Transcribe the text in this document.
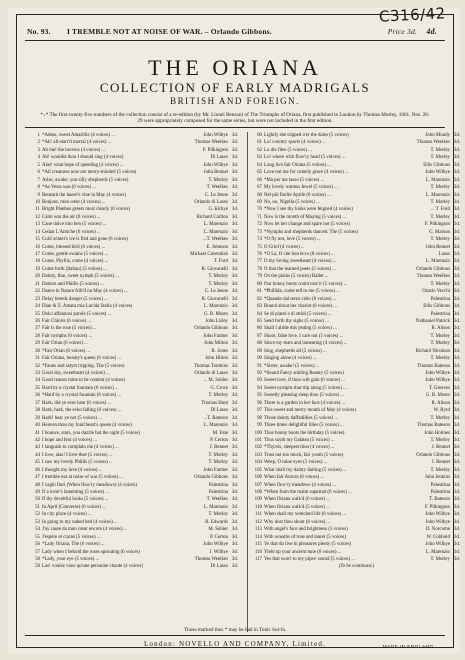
C316/42
No. 93. I TREMBLE NOT AT NOISE OF WAR. – Orlando Gibbons.	Price 3d. 4d.
THE ORIANA
COLLECTION OF EARLY MADRIGALS
BRITISH AND FOREIGN.
*₊* The first twenty-five numbers of the collection consist of a re-edition (by Mr. Lionel Benson) of The Triumphs of Oriana, first published in London by Thomas Morley, 1601. Nos. 26-29 were appropriately composed for the same series, but were not included in the first edition.
1 *Adieu, sweet Amarillis (4 voices) ...	John Wilbye 3d.
2 *Ah! all-starr'd mortal (4 voices) ...	Thomas Weelkes 3d.
3 Ah me! the browns (4 voices) ...	F. Pilkington 3d.
4 Ah! wouldst thou I should sing (4 voices)	Di Lasso 3d.
5 Alas! what hope of speeding (4 voices) ...	John Wilbye 3d.
6 *All creatures now are merry-minded (5 voices)	John Bennet 3d.
7 Arise, awake, you silly shepherds (5 voices)	T. Morley 3d.
8 *As Vesta was (6 voices) ...	T. Weelkes 3d.
9 Beneath the laurel's vine in May (4 voices)	C. Le Jeune 3d.
10 Bonjour, mon cœur (4 voices) ...	Orlando di Lasso 3d.
11 Bright Phœbus greets most clearly (6 voices)	G. Kirbye 3d.
12 Calm was the air (6 voices) ...	Richard Carlton 3d.
13 Cane dolce mio ben (5 voices) ...	L. Marenzio 3d.
14 Cedan L'Antiche (6 voices) ...	L. Marenzio 3d.
15 Cold winter's ice is fled and gone (6 voices)	...T. Weelkes 3d.
16 Come, blessed bird (6 voices) ...	E. Johnson 3d.
17 Come, gentle swains (5 voices) ...	Michael Cavendish 3d.
18 Come, Phyllis, come (4 voices) ...	T. Ford 3d.
19 Come forth (Italian) (5 voices) ...	R. Giovanelli 3d.
20 Dainty, fine, sweet nymph (5 voices) ...	T. Morley 3d.
21 Damon and Phillis (5 voices) ...	T. Morley 3d.
22 Dance in Nature frill'd on May (4 voices) ...	C. Le Jeune 3d.
23 Delay breeds danger (5 voices) ...	R. Giovanelli 3d.
24 Dian & Z. Amata mia Lucida Stella (4 voices)	L. Marenzio 3d.
25 Dolci affannosi parole (5 voices) ...	G. B. Mosto 3d.
26 Fair Chloris (6 voices) ...	John Lisley 3d.
27 Fair is the rose (5 voices) ...	Orlando Gibbons 3d.
28 Fair nymphs (6 voices) ...	John Farmer 3d.
29 Fair Orian (6 voices) ...	John Milton 3d.
30 *Fair Orian (6 voices) ...	R. Jones 3d.
31 Fair Oriana, beauty's queen (6 voices) ...	John Hilton 3d.
32 *Fauns and satyrs tripping. The (5 voices)	Thomas Tomkins 3d.
33 Good day, sweetheart (4 voices) ...	Orlando di Lasso 3d.
34 Good reason mine to be content (4 voices)	... M. Sobler 3d.
35 Hard by a crystal fountain (6 voices) ...	G. Croce 3d.
36 *Hard by a crystal fountain (6 voices) ...	T. Morley 3d.
37 Hark, did ye ever hear (6 voices) ...	Thomas Hunt 3d.
38 Hark, hark, the echo falling (6 voices) ...	Di Lasso 3d.
39 Hark! hear ye not (5 voices) ...	...T. Bateson 3d.
40 Heaven thou my fond heart's queen (4 voices)	L. Marenzio 3d.
41 I bounce, stars, you dazzle but the sight (5 voices)	M. Este 3d.
42 I hope and fear (4 voices) ...	P. Certon 3d.
43 I languish to complain me (4 voices) ...	J. Bennet 3d.
44 I love, alas! I love thee (5 voices) ...	T. Morley 3d.
45 I saw my lovely Phillis (5 voices) ...	T. Morley 3d.
46 I thought my love (4 voices) ...	John Farmer 3d.
47 I tremble not at noise of war (5 voices) ...	Orlando Gibbons 3d.
48 I vaghi fiori (When flow'ry meadows) (4 voices)	Palestrina 3d.
49 If a lover's lamenting (5 voices) ...	Palestrina 3d.
50 If thy deceitful looks (5 voices) ...	T. Weelkes 3d.
51 In April (Converse) (6 voices) ...	L. Marenzio 3d.
52 In city place (4 voices) ...	T. Morley 3d.
53 In going to my naked bed (4 voices) ...	R. Edwards 3d.
54 J'ay caute da mon cœur encore (4 voices) ...	M. Sohier 3d.
55 J'espère et crains (5 voices) ...	P. Certon 3d.
56 *Lady Oriana, The (6 voices) ...	John Wilbye 3d.
57 Lady when I behold the roses sprouting (6 voices)	J. Wilbye 3d.
58 *Lady, your eye (5 voices) ...	Thomas Weelkes 3d.
59 Las! voulez vous qu'une personne chante (4 voices)	Di Lasso 3d.
60 Lightly she tripped o'er the dales (5 voices)	John Mundy 3d.
61 Lo! country sports (4 voices) ...	Thomas Weelkes 3d.
62 Lo die flies (5 voices) ...	T. Morley 3d.
63 Lo! where with flow'ry head (5 voices) ...	T. Morley 3d.
64 Long live fair Oriana (5 voices) ...	Ellis Gibbons 3d.
65 Love not me for comely grace (4 voices) ...	John Wilbye 3d.
66 *Ma per me lasso (5 voices) ...	L. Marenzio 3d.
67 My lovely wanton Jewel (5 voices) ...	T. Morley 3d.
68 Nel più fiorite Aprile (6 voices) ...	L. Marenzio 3d.
69 No, no, Nigella (5 voices) ...	T. Morley 3d.
70 *Now I see thy looks were feigned (4 voices)	... T. Ford 3d.
71 Now is the month of Maying (5 voices) ...	T. Morley 3d.
72 Now let her change and spare not (5 voices)	F. Pilkington 3d.
73 *Nymphs and shepherds danced. The (5 voices)	G. Marson 3d.
74 *O fly not, love (5 voices) ...	T. Morley 3d.
75 O Grief (4 voices) ...	John Bennet 3d.
76 *O La, O che bon ècco (8 voices) ...	Lasso 3d.
77 O my loving sweetheart (4 voices) ...	L. Marenzio 3d.
78 O that the learned poets (5 voices) ...	Orlando Gibbons 3d.
79 On the plains (5 voices) Ballet ...	Thomas Weelkes 3d.
80 Our bonny boots could toot it (5 voices) ...	T. Morley 3d.
81 *Phillida, come tell to me (5 voices) ...	Orazio Vecchi 3d.
82 *Quando dal terzo cielo (6 voices) ...	Palestrina 3d.
83 Round about her chariot (6 voices) ...	Ellis Gibbons 3d.
84 Se di pianti e di stridi (5 voices) ...	Palestrina 3d.
85 Send forth thy sighs (5 voices) ...	Nathaniel Patrick 3d.
86 Shall I abide this jesting (5 voices) ...	R. Alison 3d.
87 Shoot, false love, I care not (5 voices) ...	T. Morley 3d.
88 Since my tears and lamenting (4 voices) ...	T. Morley 3d.
89 Sing, shepherds all (5 voices) ...	Richard Nicolson 3d.
90 Singing alone (4 voices) ...	T. Morley 3d.
91 *Sister, awake! (5 voices) ...	Thomas Bateson 3d.
92 *Sound Fancy smiling Beauty (5 voices)	John Wilbye 3d.
93 Sweet love, if thou wilt gain (6 voices) ...	John Wilbye 3d.
94 Sweet nymphs that trip along (5 voices) ...	T. Greaves 3d.
95 Sweetly pleasing sleep thou (5 voices) ...	G. B. Mosto 3d.
96 There is a garden in her face (4 voices) ...	R. Alison 3d.
97 This sweet and merry month of May (4 voices)	W. Byrd 3d.
98 Those dainty daffadillies (5 voices) ...	T. Morley 3d.
99 Three times delightful lilies (5 voices) ...	Thomas Bateson 3d.
100 Thus bonny boots the birthday (5 voices)	John Holmes 3d.
101 Thus sayth my Galatea (5 voices) ...	T. Morley 3d.
102 *Thyrsis, sleepest thou (4 voices) ...	J. Bennet 3d.
103 Trust not too much, fair youth (5 voices)	Orlando Gibbons 3d.
104 Weep, O mine eyes (5 voices) ...	J. Bennet 3d.
105 What shall my dainty darling (5 voices) ...	T. Morley 3d.
106 When fair Aurora (6 voices) ...	John Jenkins 3d.
107 When flow'ry meadows (4 voices) ...	Palestrina 3d.
108 *When from the realm supernal (6 voices) ...	Palestrina 3d.
109 When Oriana walk'd (6 voices) ...	T. Bateson 3d.
110 When Oriana walk'd (5 voices) ...	F. Pilkington 3d.
111 When shall my wretched life (6 voices) ...	John Wilbye 3d.
112 Why dost thou shoot (6 voices) ...	John Wilbye 3d.
113 With angel's face and brightness (5 voices)	D. Norcome 3d.
114 With wreaths of rose and laurel (5 voices)	W. Cobbold 3d.
115 Ye that do live in pleasures plenty (5 voices)	John Wilbye 3d.
116 Yield up your ancient tune (6 voices) ...	L. Marenzio 3d.
117 Yes that won't to my pipes' sound (5 voices) ...	T. Morley 3d.
(To be continued.)
London: NOVELLO AND COMPANY, Limited.	MADE IN ENGLAND.
Those marked thus * may be had in Tonic Sol-fa.
